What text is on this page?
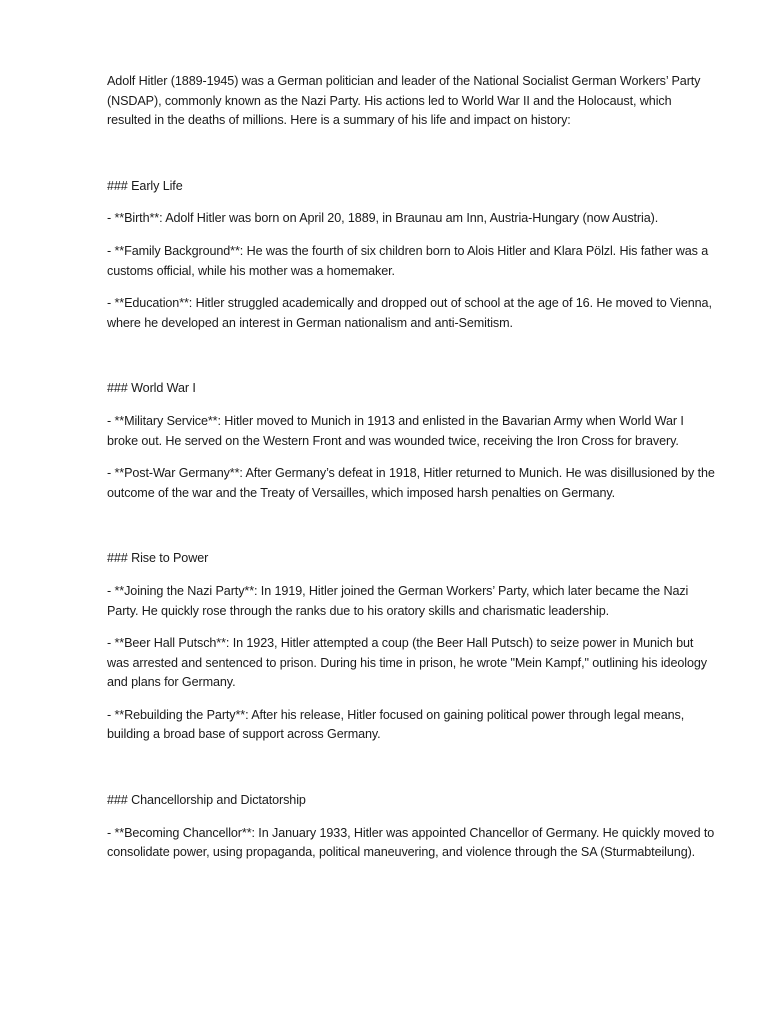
Adolf Hitler (1889-1945) was a German politician and leader of the National Socialist German Workers’ Party (NSDAP), commonly known as the Nazi Party. His actions led to World War II and the Holocaust, which resulted in the deaths of millions. Here is a summary of his life and impact on history:

### Early Life

- **Birth**: Adolf Hitler was born on April 20, 1889, in Braunau am Inn, Austria-Hungary (now Austria).

- **Family Background**: He was the fourth of six children born to Alois Hitler and Klara Pölzl. His father was a customs official, while his mother was a homemaker.

- **Education**: Hitler struggled academically and dropped out of school at the age of 16. He moved to Vienna, where he developed an interest in German nationalism and anti-Semitism.

### World War I

- **Military Service**: Hitler moved to Munich in 1913 and enlisted in the Bavarian Army when World War I broke out. He served on the Western Front and was wounded twice, receiving the Iron Cross for bravery.

- **Post-War Germany**: After Germany’s defeat in 1918, Hitler returned to Munich. He was disillusioned by the outcome of the war and the Treaty of Versailles, which imposed harsh penalties on Germany.

### Rise to Power

- **Joining the Nazi Party**: In 1919, Hitler joined the German Workers’ Party, which later became the Nazi Party. He quickly rose through the ranks due to his oratory skills and charismatic leadership.

- **Beer Hall Putsch**: In 1923, Hitler attempted a coup (the Beer Hall Putsch) to seize power in Munich but was arrested and sentenced to prison. During his time in prison, he wrote "Mein Kampf," outlining his ideology and plans for Germany.

- **Rebuilding the Party**: After his release, Hitler focused on gaining political power through legal means, building a broad base of support across Germany.

### Chancellorship and Dictatorship

- **Becoming Chancellor**: In January 1933, Hitler was appointed Chancellor of Germany. He quickly moved to consolidate power, using propaganda, political maneuvering, and violence through the SA (Sturmabteilung).
